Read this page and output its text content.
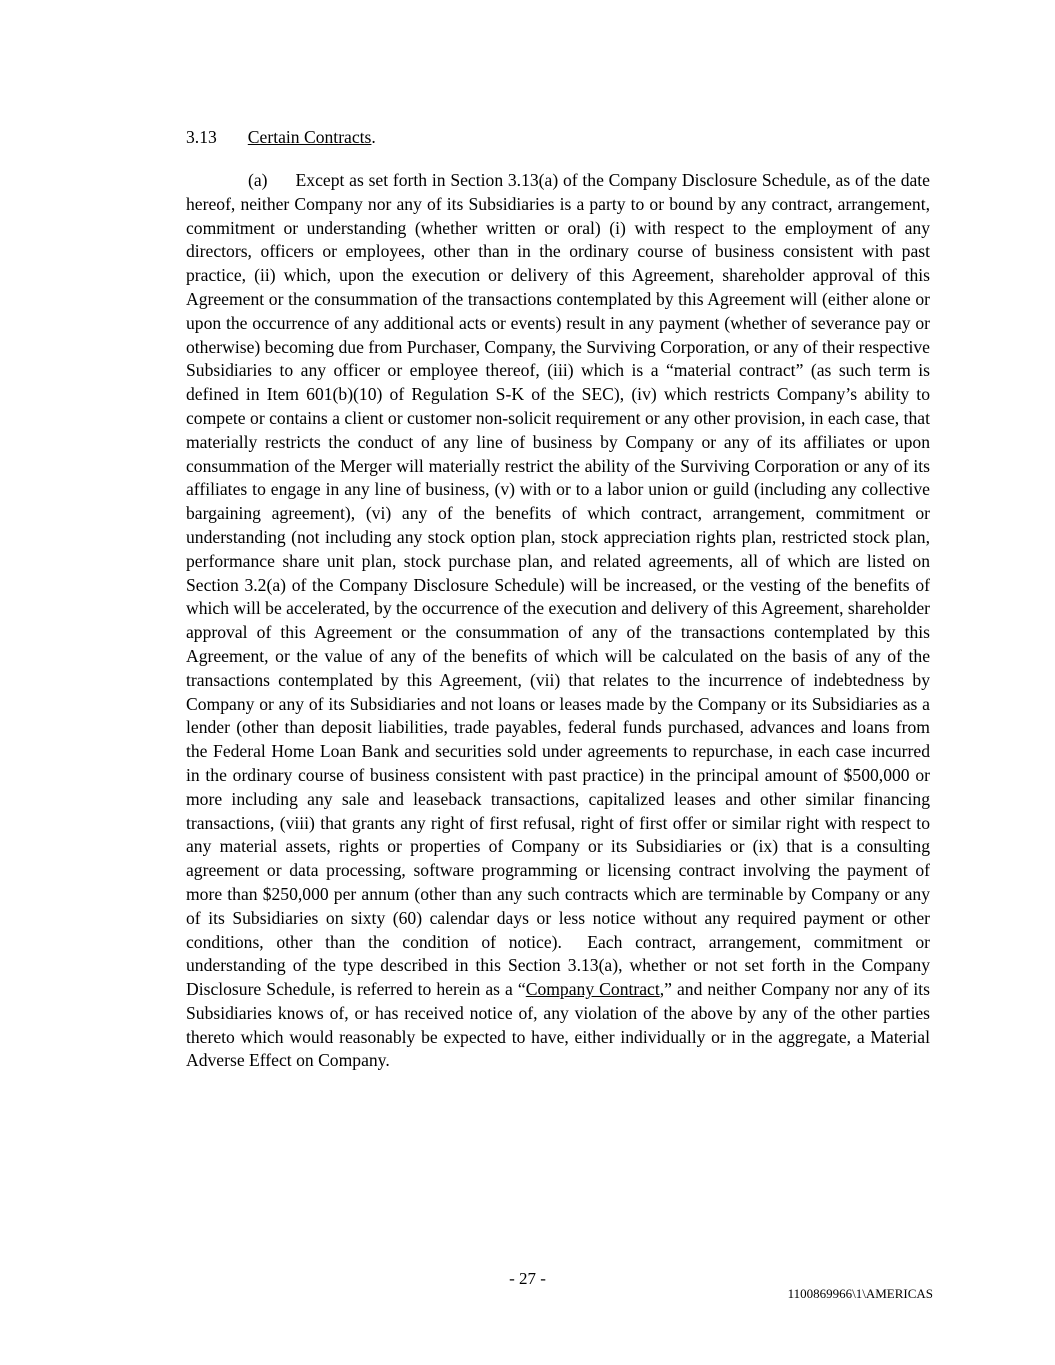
3.13 Certain Contracts.

(a) Except as set forth in Section 3.13(a) of the Company Disclosure Schedule, as of the date hereof, neither Company nor any of its Subsidiaries is a party to or bound by any contract, arrangement, commitment or understanding (whether written or oral) (i) with respect to the employment of any directors, officers or employees, other than in the ordinary course of business consistent with past practice, (ii) which, upon the execution or delivery of this Agreement, shareholder approval of this Agreement or the consummation of the transactions contemplated by this Agreement will (either alone or upon the occurrence of any additional acts or events) result in any payment (whether of severance pay or otherwise) becoming due from Purchaser, Company, the Surviving Corporation, or any of their respective Subsidiaries to any officer or employee thereof, (iii) which is a “material contract” (as such term is defined in Item 601(b)(10) of Regulation S-K of the SEC), (iv) which restricts Company’s ability to compete or contains a client or customer non-solicit requirement or any other provision, in each case, that materially restricts the conduct of any line of business by Company or any of its affiliates or upon consummation of the Merger will materially restrict the ability of the Surviving Corporation or any of its affiliates to engage in any line of business, (v) with or to a labor union or guild (including any collective bargaining agreement), (vi) any of the benefits of which contract, arrangement, commitment or understanding (not including any stock option plan, stock appreciation rights plan, restricted stock plan, performance share unit plan, stock purchase plan, and related agreements, all of which are listed on Section 3.2(a) of the Company Disclosure Schedule) will be increased, or the vesting of the benefits of which will be accelerated, by the occurrence of the execution and delivery of this Agreement, shareholder approval of this Agreement or the consummation of any of the transactions contemplated by this Agreement, or the value of any of the benefits of which will be calculated on the basis of any of the transactions contemplated by this Agreement, (vii) that relates to the incurrence of indebtedness by Company or any of its Subsidiaries and not loans or leases made by the Company or its Subsidiaries as a lender (other than deposit liabilities, trade payables, federal funds purchased, advances and loans from the Federal Home Loan Bank and securities sold under agreements to repurchase, in each case incurred in the ordinary course of business consistent with past practice) in the principal amount of $500,000 or more including any sale and leaseback transactions, capitalized leases and other similar financing transactions, (viii) that grants any right of first refusal, right of first offer or similar right with respect to any material assets, rights or properties of Company or its Subsidiaries or (ix) that is a consulting agreement or data processing, software programming or licensing contract involving the payment of more than $250,000 per annum (other than any such contracts which are terminable by Company or any of its Subsidiaries on sixty (60) calendar days or less notice without any required payment or other conditions, other than the condition of notice).  Each contract, arrangement, commitment or understanding of the type described in this Section 3.13(a), whether or not set forth in the Company Disclosure Schedule, is referred to herein as a “Company Contract,” and neither Company nor any of its Subsidiaries knows of, or has received notice of, any violation of the above by any of the other parties thereto which would reasonably be expected to have, either individually or in the aggregate, a Material Adverse Effect on Company.

- 27 -
1100869966\1\AMERICAS
